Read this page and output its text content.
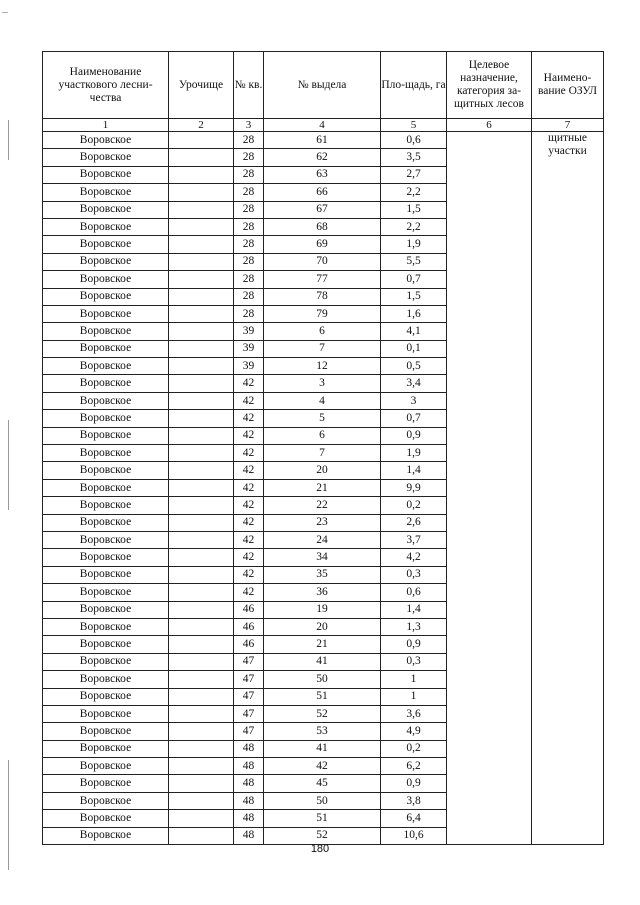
Наименование участкового лесни-чества	Урочище	№ кв.	№ выдела	Пло-щадь, га	Целевое назначение, категория за-щитных лесов	Наимено-вание ОЗУЛ
1	2	3	4	5	6	7
Воровское		28	61	0,6		щитные участки
Воровское		28	62	3,5		
Воровское		28	63	2,7		
Воровское		28	66	2,2		
Воровское		28	67	1,5		
Воровское		28	68	2,2		
Воровское		28	69	1,9		
Воровское		28	70	5,5		
Воровское		28	77	0,7		
Воровское		28	78	1,5		
Воровское		28	79	1,6		
Воровское		39	6	4,1		
Воровское		39	7	0,1		
Воровское		39	12	0,5		
Воровское		42	3	3,4		
Воровское		42	4	3		
Воровское		42	5	0,7		
Воровское		42	6	0,9		
Воровское		42	7	1,9		
Воровское		42	20	1,4		
Воровское		42	21	9,9		
Воровское		42	22	0,2		
Воровское		42	23	2,6		
Воровское		42	24	3,7		
Воровское		42	34	4,2		
Воровское		42	35	0,3		
Воровское		42	36	0,6		
Воровское		46	19	1,4		
Воровское		46	20	1,3		
Воровское		46	21	0,9		
Воровское		47	41	0,3		
Воровское		47	50	1		
Воровское		47	51	1		
Воровское		47	52	3,6		
Воровское		47	53	4,9		
Воровское		48	41	0,2		
Воровское		48	42	6,2		
Воровское		48	45	0,9		
Воровское		48	50	3,8		
Воровское		48	51	6,4		
Воровское		48	52	10,6		
180
